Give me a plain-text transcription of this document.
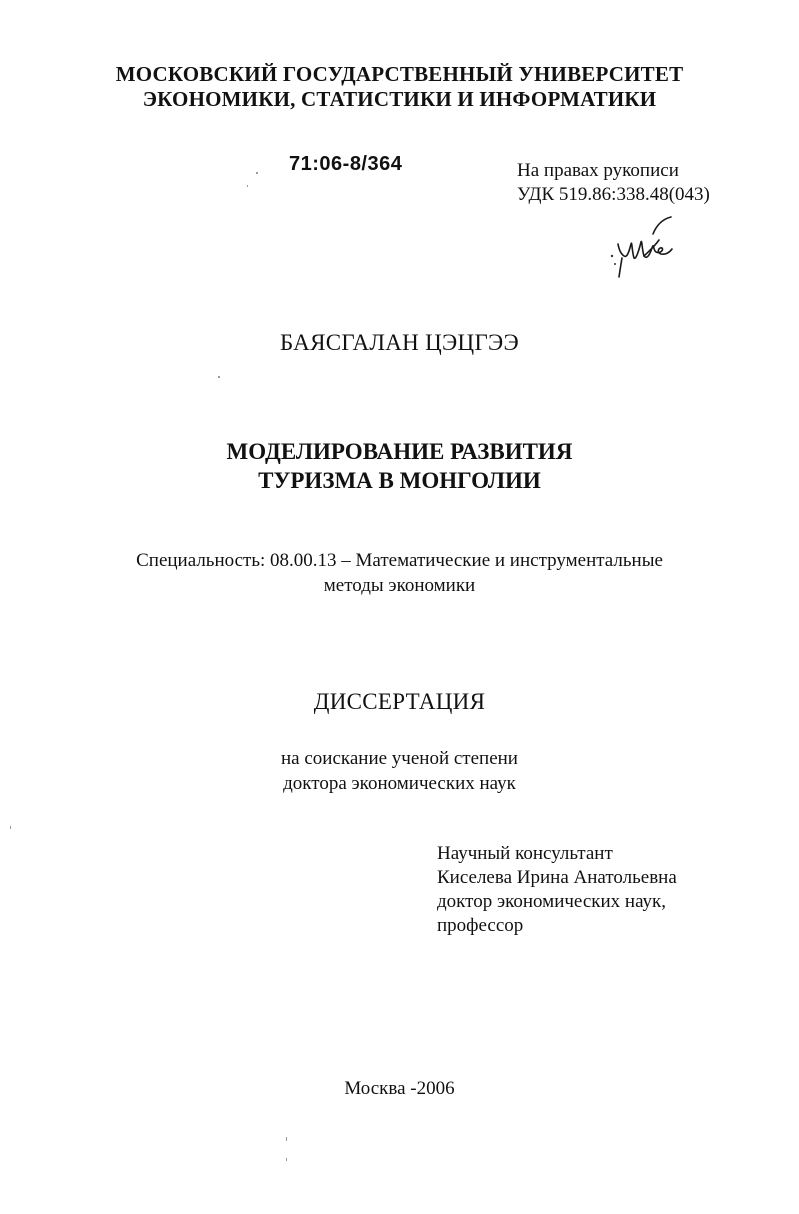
МОСКОВСКИЙ ГОСУДАРСТВЕННЫЙ УНИВЕРСИТЕТ
ЭКОНОМИКИ, СТАТИСТИКИ И ИНФОРМАТИКИ
71:06-8/364	На правах рукописи
УДК 519.86:338.48(043)
БАЯСГАЛАН ЦЭЦГЭЭ
МОДЕЛИРОВАНИЕ РАЗВИТИЯ
ТУРИЗМА В МОНГОЛИИ
Специальность: 08.00.13 – Математические и инструментальные
методы экономики
ДИССЕРТАЦИЯ
на соискание ученой степени
доктора экономических наук
Научный консультант
Киселева Ирина Анатольевна
доктор экономических наук,
профессор
Москва -2006
